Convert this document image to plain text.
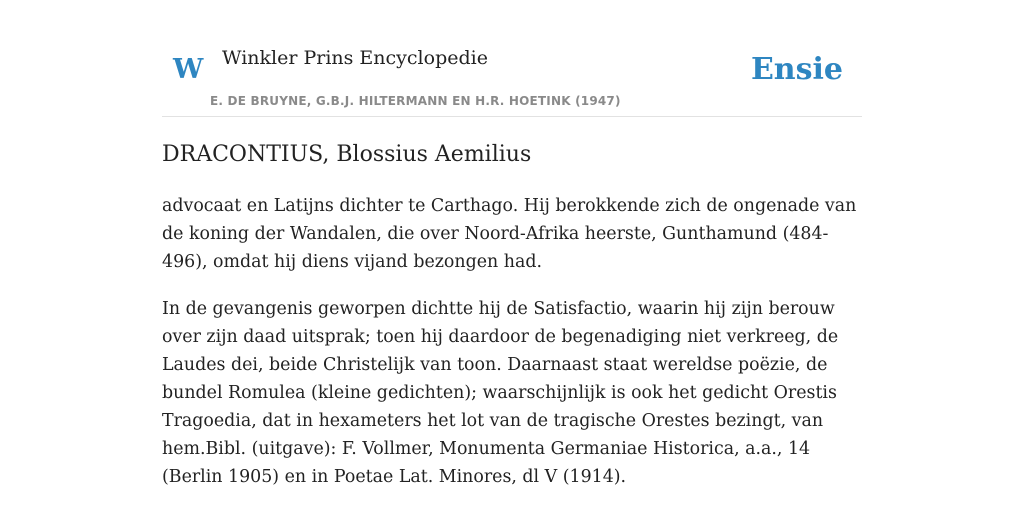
W Winkler Prins Encyclopedie
E. DE BRUYNE, G.B.J. HILTERMANN EN H.R. HOETINK (1947)
Ensie
DRACONTIUS, Blossius Aemilius

advocaat en Latijns dichter te Carthago. Hij berokkende zich de ongenade van de koning der Wandalen, die over Noord-Afrika heerste, Gunthamund (484-496), omdat hij diens vijand bezongen had.

In de gevangenis geworpen dichtte hij de Satisfactio, waarin hij zijn berouw over zijn daad uitsprak; toen hij daardoor de begenadiging niet verkreeg, de Laudes dei, beide Christelijk van toon. Daarnaast staat wereldse poëzie, de bundel Romulea (kleine gedichten); waarschijnlijk is ook het gedicht Orestis Tragoedia, dat in hexameters het lot van de tragische Orestes bezingt, van hem.Bibl. (uitgave): F. Vollmer, Monumenta Germaniae Historica, a.a., 14 (Berlin 1905) en in Poetae Lat. Minores, dl V (1914).
